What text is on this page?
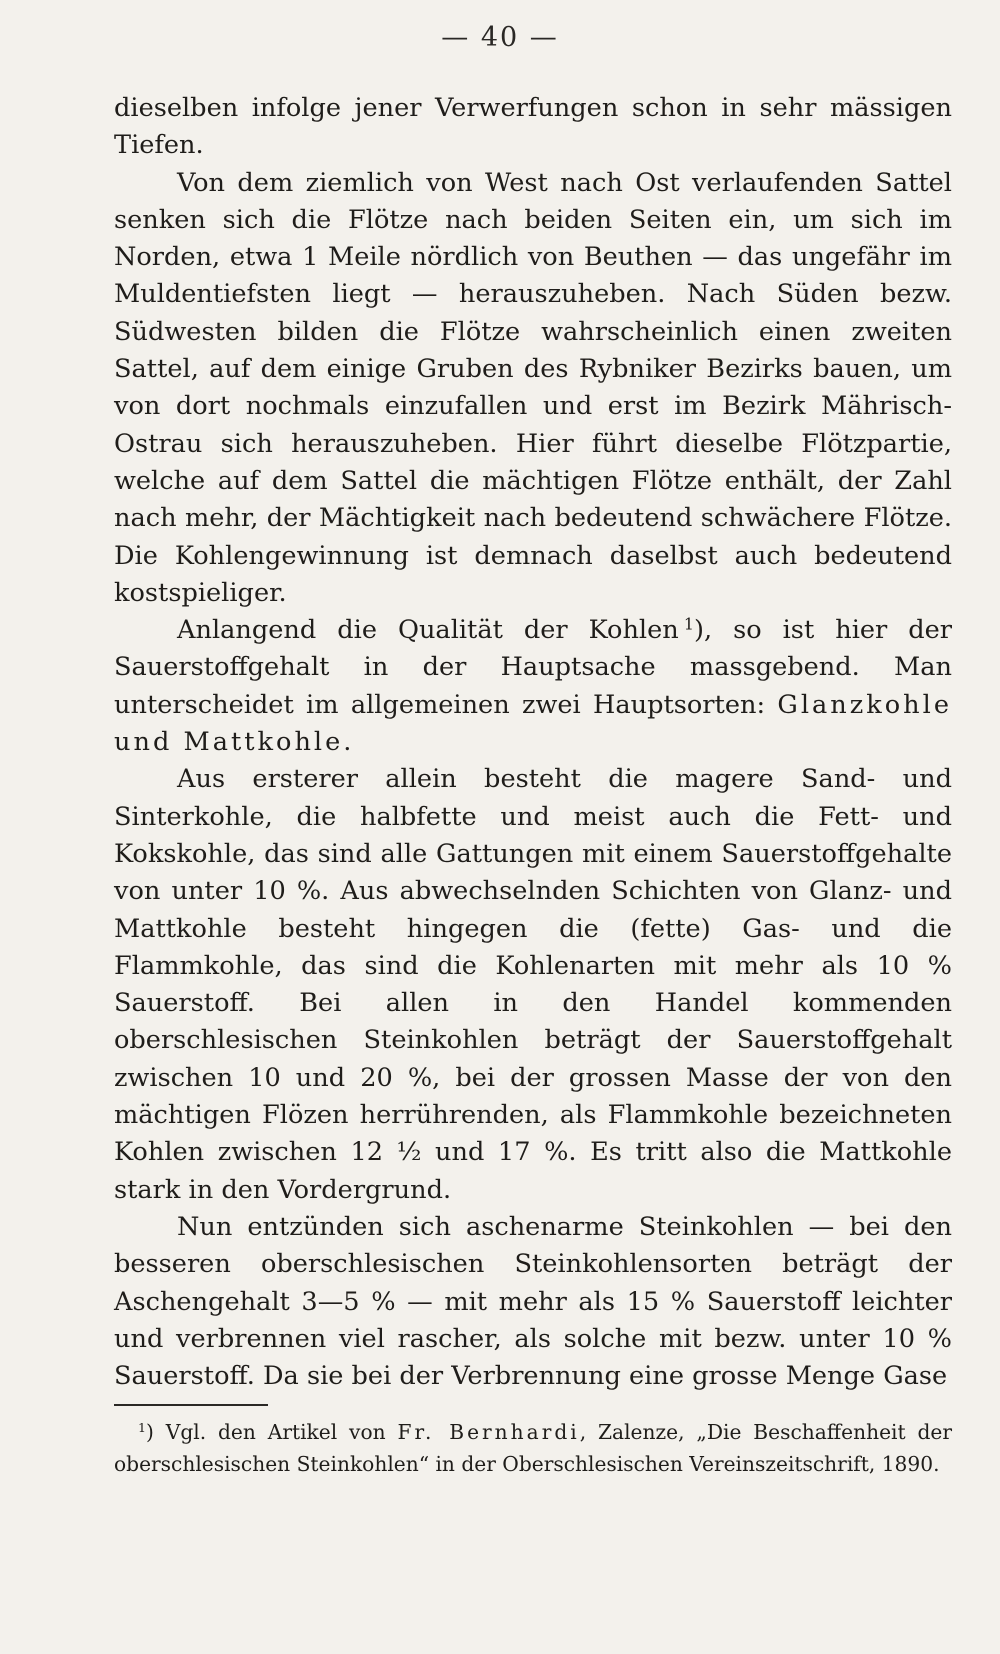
— 40 —

dieselben infolge jener Verwerfungen schon in sehr mässigen Tiefen.

Von dem ziemlich von West nach Ost verlaufenden Sattel senken sich die Flötze nach beiden Seiten ein, um sich im Norden, etwa 1 Meile nördlich von Beuthen — das ungefähr im Muldentiefsten liegt — herauszuheben. Nach Süden bezw. Südwesten bilden die Flötze wahrscheinlich einen zweiten Sattel, auf dem einige Gruben des Rybniker Bezirks bauen, um von dort nochmals einzufallen und erst im Bezirk Mährisch-Ostrau sich herauszuheben. Hier führt dieselbe Flötzpartie, welche auf dem Sattel die mächtigen Flötze enthält, der Zahl nach mehr, der Mächtigkeit nach bedeutend schwächere Flötze. Die Kohlengewinnung ist demnach daselbst auch bedeutend kostspieliger.

Anlangend die Qualität der Kohlen  $^1$), so ist hier der Sauerstoffgehalt in der Hauptsache massgebend. Man unterscheidet im allgemeinen zwei Hauptsorten: Glanzkohle und Mattkohle.

Aus ersterer allein besteht die magere Sand- und Sinterkohle, die halbfette und meist auch die Fett- und Kokskohle, das sind alle Gattungen mit einem Sauerstoffgehalte von unter 10 %. Aus abwechselnden Schichten von Glanz- und Mattkohle besteht hingegen die (fette) Gas- und die Flammkohle, das sind die Kohlenarten mit mehr als 10 % Sauerstoff. Bei allen in den Handel kommenden oberschlesischen Steinkohlen beträgt der Sauerstoffgehalt zwischen 10 und 20 %, bei der grossen Masse der von den mächtigen Flözen herrührenden, als Flammkohle bezeichneten Kohlen zwischen 12 ½ und 17 %. Es tritt also die Mattkohle stark in den Vordergrund.

Nun entzünden sich aschenarme Steinkohlen — bei den besseren oberschlesischen Steinkohlensorten beträgt der Aschengehalt 3—5 % — mit mehr als 15 % Sauerstoff leichter und verbrennen viel rascher, als solche mit bezw. unter 10 % Sauerstoff. Da sie bei der Verbrennung eine grosse Menge Gase

$^1$) Vgl. den Artikel von Fr. Bernhardi, Zalenze, „Die Beschaffenheit der oberschlesischen Steinkohlen“ in der Oberschlesischen Vereinszeitschrift, 1890.
